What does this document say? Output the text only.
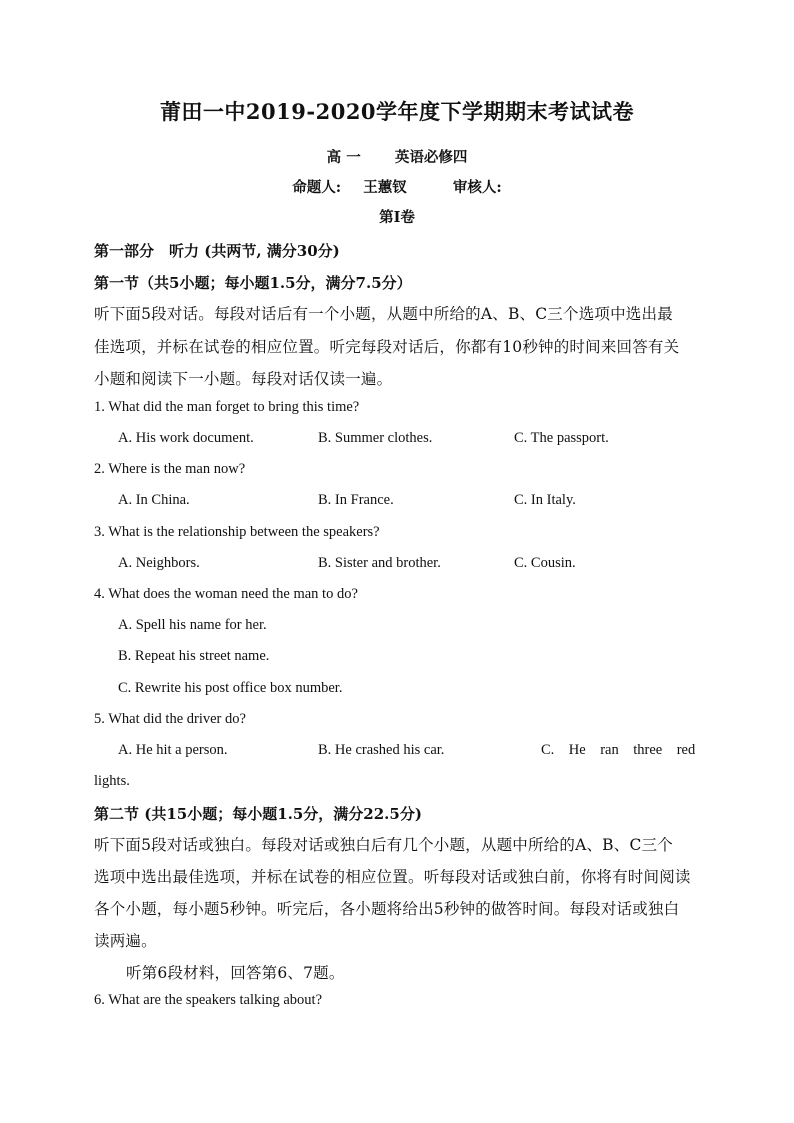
莆田一中2019-2020学年度下学期期末考试试卷
高 一 英语必修四
命题人: 王蕙钗	审核人:
第Ⅰ卷
第一部分　听力 (共两节, 满分30分)
第一节（共5小题；每小题1.5分，满分7.5分）
听下面5段对话。每段对话后有一个小题，从题中所给的A、B、C三个选项中选出最
佳选项，并标在试卷的相应位置。听完每段对话后，你都有10秒钟的时间来回答有关
小题和阅读下一小题。每段对话仅读一遍。
1. What did the man forget to bring this time?
A. His work document.	B. Summer clothes.	C. The passport.
2. Where is the man now?
A. In China.	B. In France.	C. In Italy.
3. What is the relationship between the speakers?
A. Neighbors.	B. Sister and brother.	C. Cousin.
4. What does the woman need the man to do?
A. Spell his name for her.
B. Repeat his street name.
C. Rewrite his post office box number.
5. What did the driver do?
A. He hit a person.	B. He crashed his car.	C.    He    ran    three    red
lights.
第二节 (共15小题；每小题1.5分，满分22.5分)
听下面5段对话或独白。每段对话或独白后有几个小题，从题中所给的A、B、C三个
选项中选出最佳选项，并标在试卷的相应位置。听每段对话或独白前，你将有时间阅读
各个小题，每小题5秒钟。听完后，各小题将给出5秒钟的做答时间。每段对话或独白
读两遍。
听第6段材料，回答第6、7题。
6. What are the speakers talking about?
